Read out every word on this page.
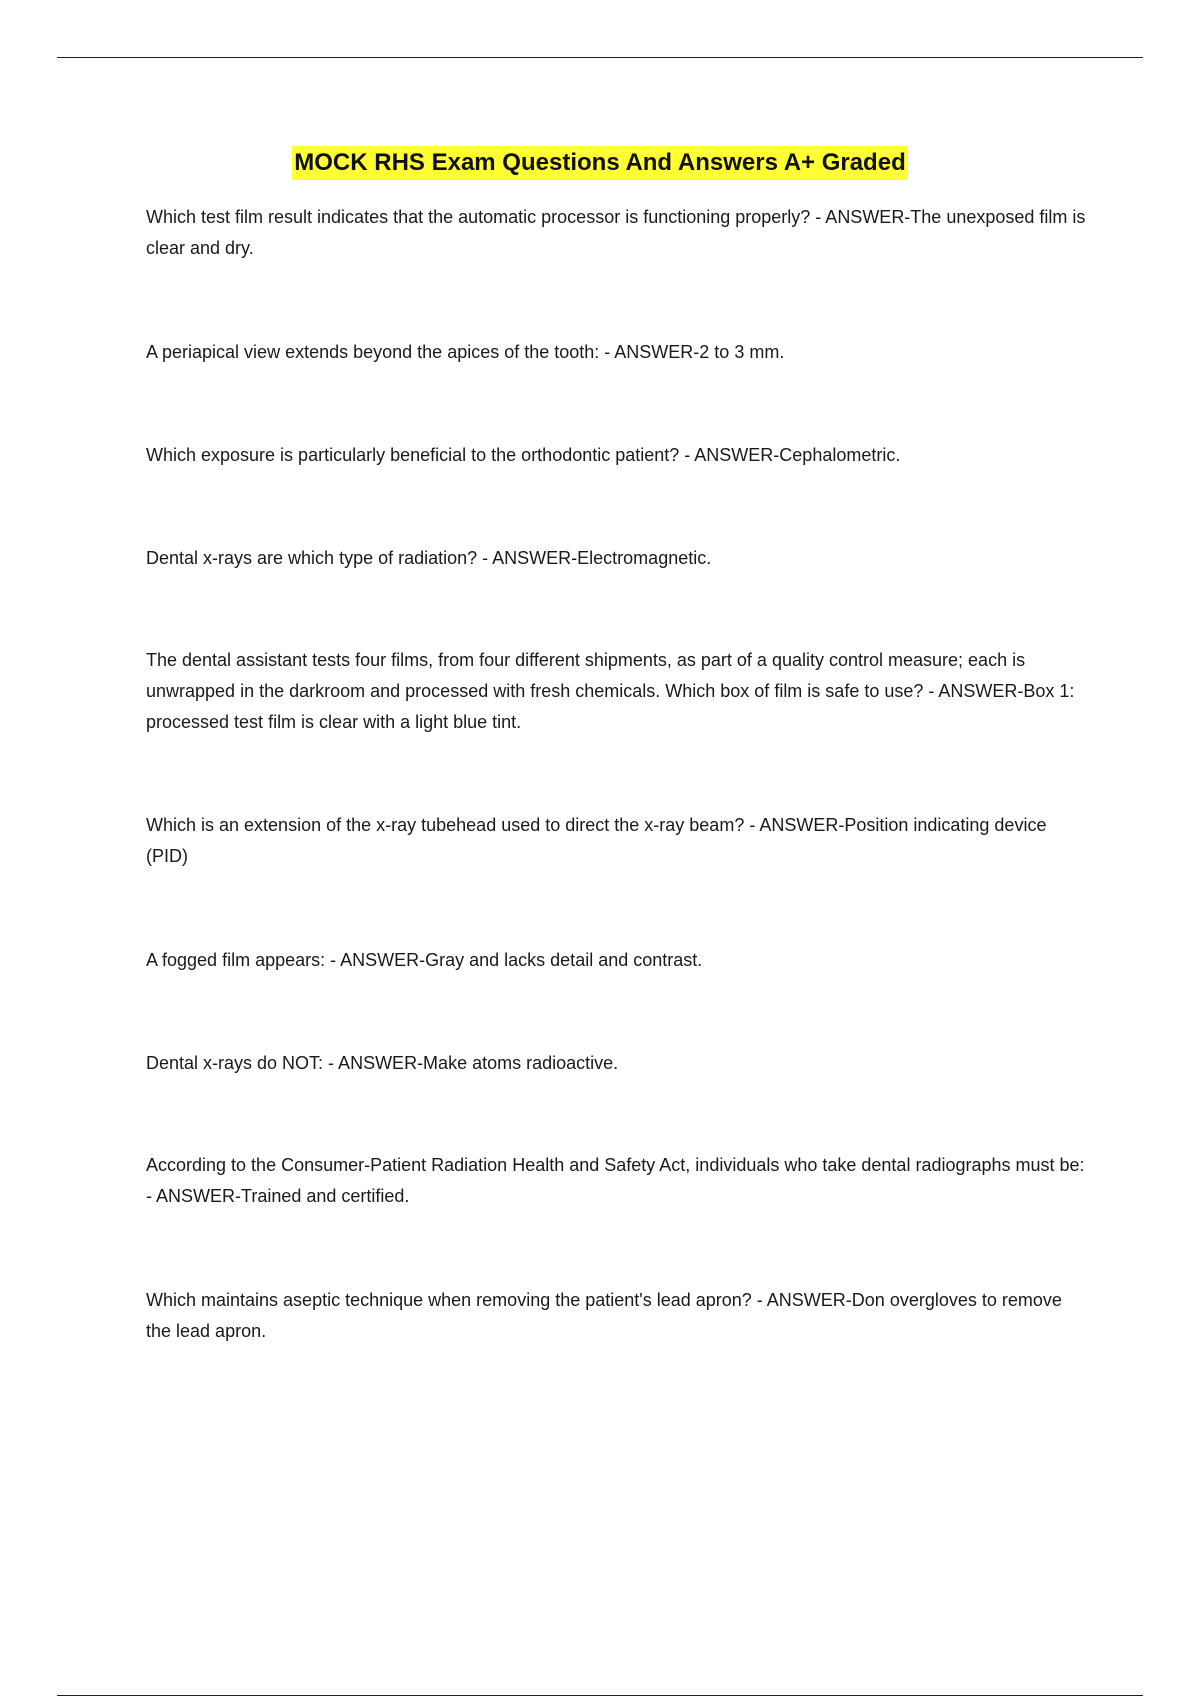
MOCK RHS Exam Questions And Answers A+ Graded

Which test film result indicates that the automatic processor is functioning properly? - ANSWER-The unexposed film is clear and dry.

A periapical view extends beyond the apices of the tooth: - ANSWER-2 to 3 mm.

Which exposure is particularly beneficial to the orthodontic patient? - ANSWER-Cephalometric.

Dental x-rays are which type of radiation? - ANSWER-Electromagnetic.

The dental assistant tests four films, from four different shipments, as part of a quality control measure; each is unwrapped in the darkroom and processed with fresh chemicals. Which box of film is safe to use? - ANSWER-Box 1: processed test film is clear with a light blue tint.

Which is an extension of the x-ray tubehead used to direct the x-ray beam? - ANSWER-Position indicating device (PID)

A fogged film appears: - ANSWER-Gray and lacks detail and contrast.

Dental x-rays do NOT: - ANSWER-Make atoms radioactive.

According to the Consumer-Patient Radiation Health and Safety Act, individuals who take dental radiographs must be: - ANSWER-Trained and certified.

Which maintains aseptic technique when removing the patient's lead apron? - ANSWER-Don overgloves to remove the lead apron.
